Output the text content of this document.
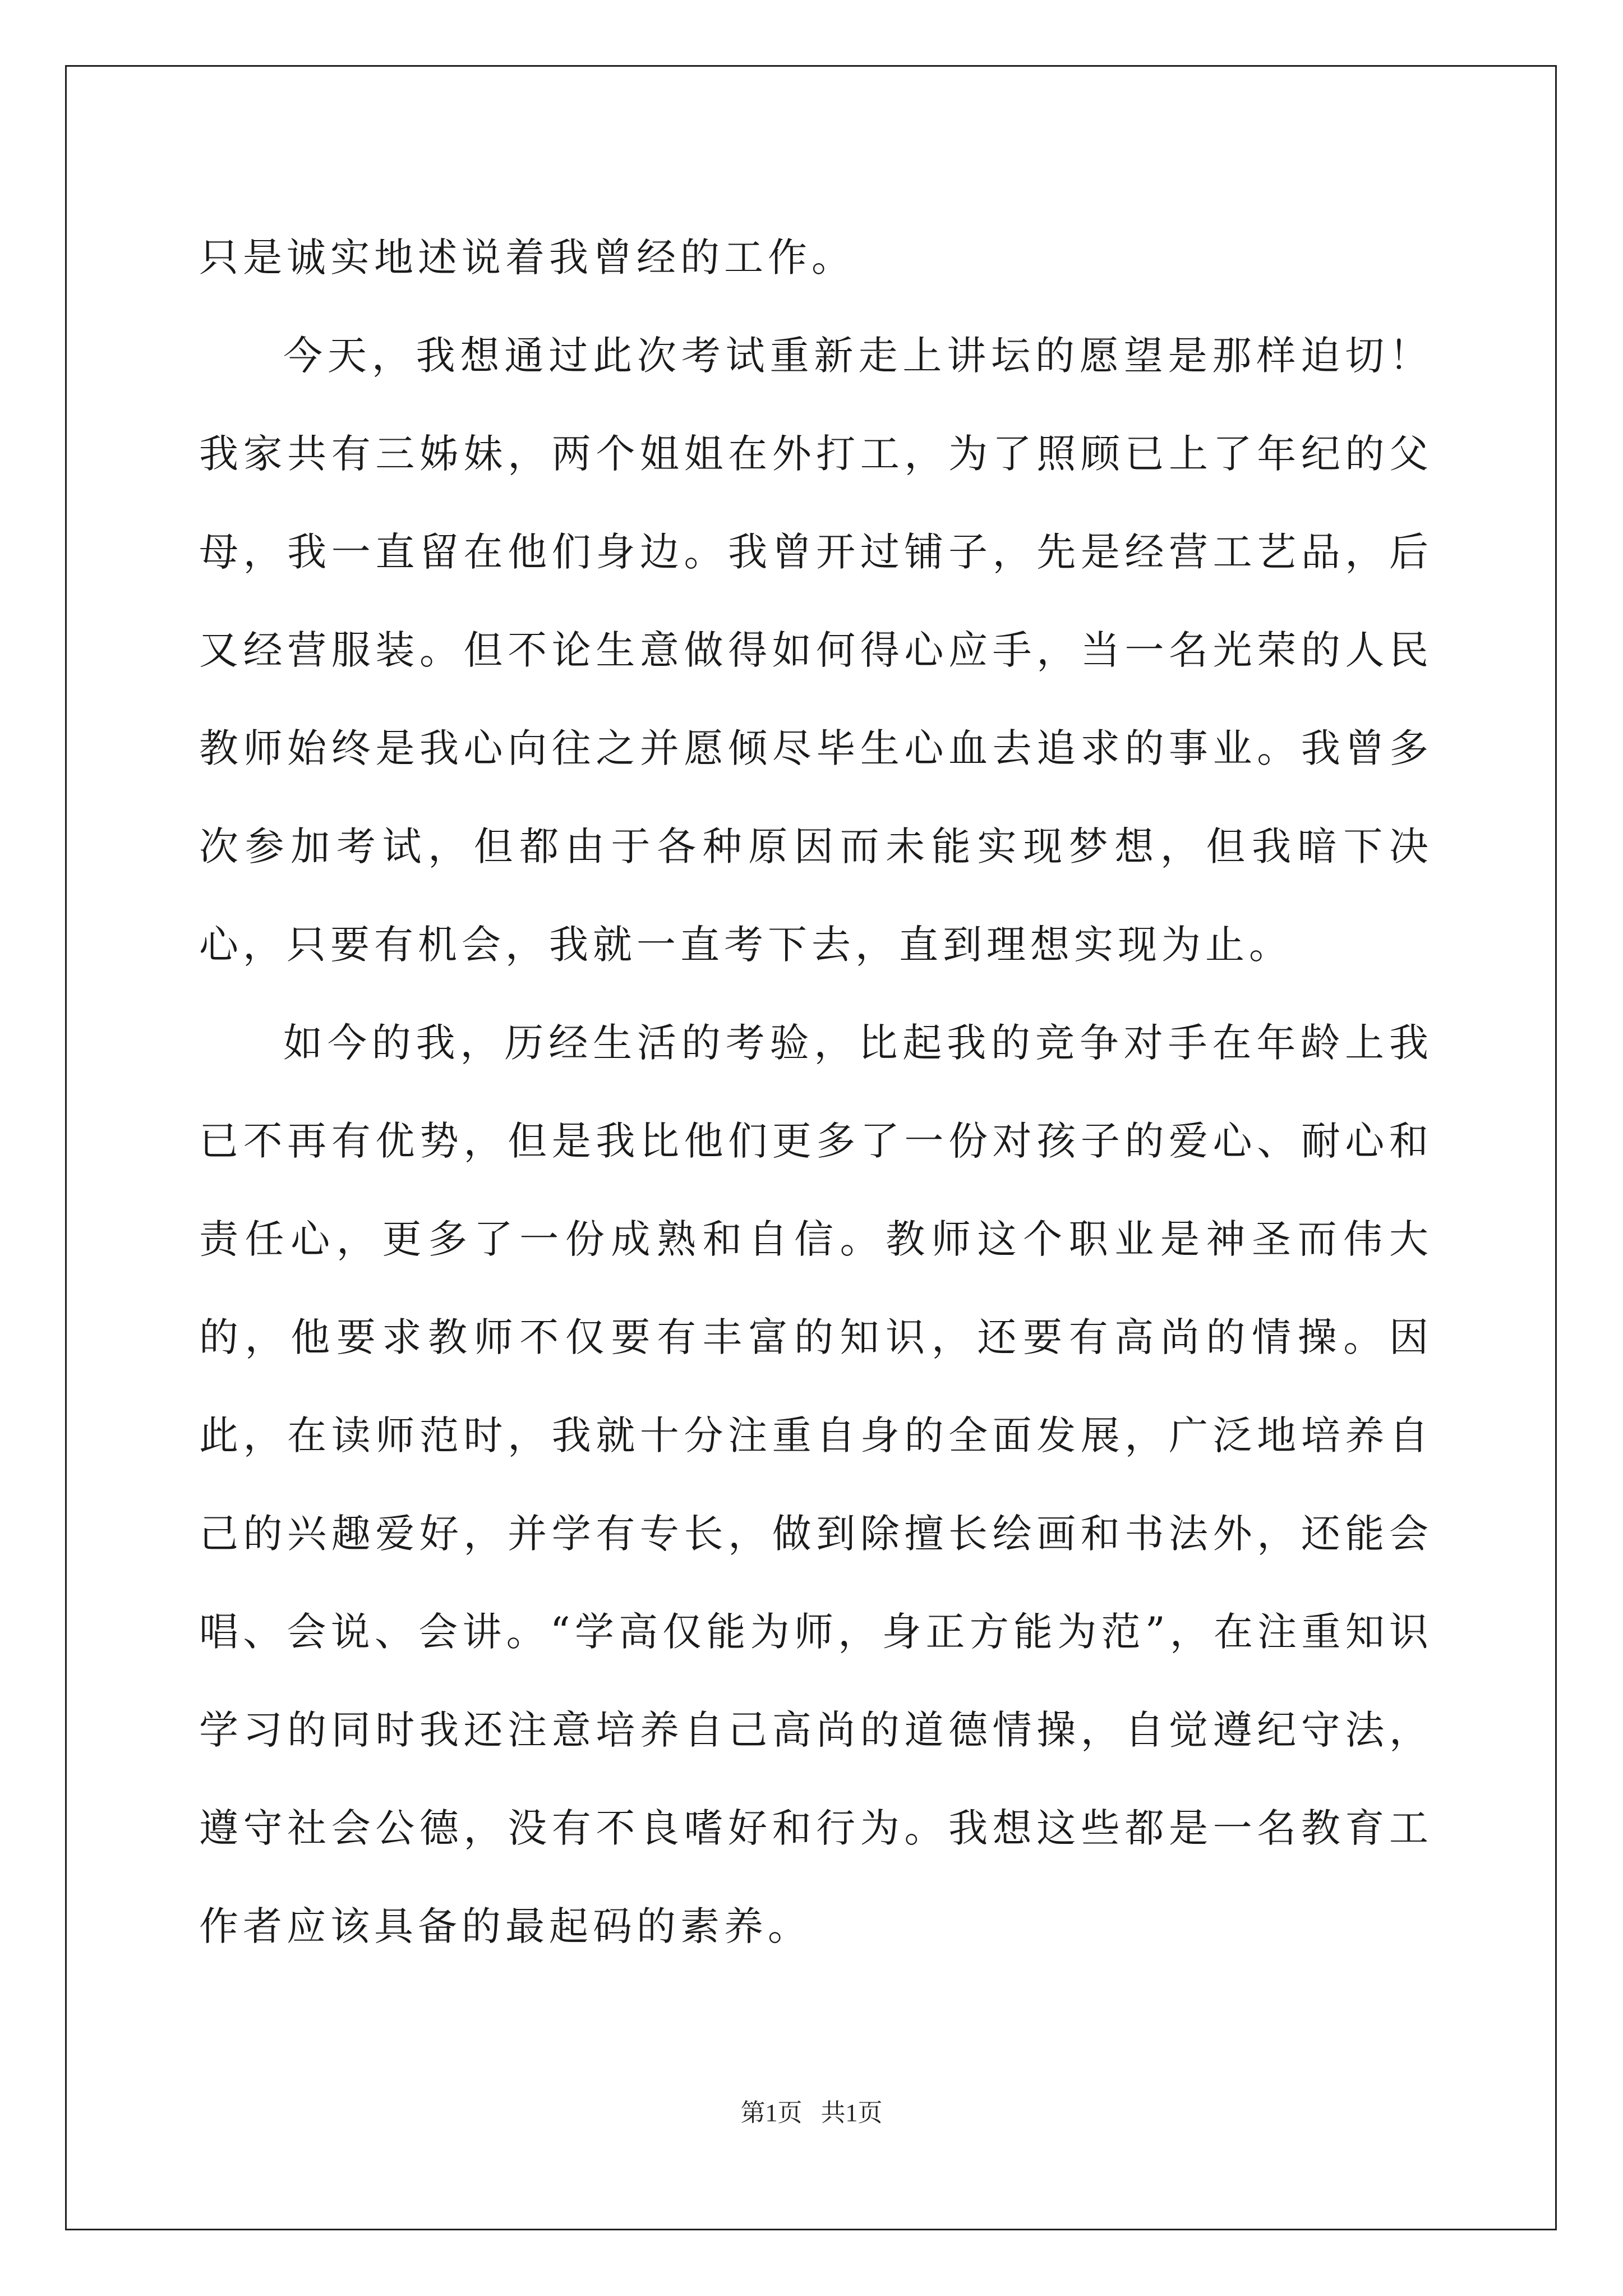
只是诚实地述说着我曾经的工作。

今天，我想通过此次考试重新走上讲坛的愿望是那样迫切！我家共有三姊妹，两个姐姐在外打工，为了照顾已上了年纪的父母，我一直留在他们身边。我曾开过铺子，先是经营工艺品，后又经营服装。但不论生意做得如何得心应手，当一名光荣的人民教师始终是我心向往之并愿倾尽毕生心血去追求的事业。我曾多次参加考试，但都由于各种原因而未能实现梦想，但我暗下决心，只要有机会，我就一直考下去，直到理想实现为止。

如今的我，历经生活的考验，比起我的竞争对手在年龄上我已不再有优势，但是我比他们更多了一份对孩子的爱心、耐心和责任心，更多了一份成熟和自信。教师这个职业是神圣而伟大的，他要求教师不仅要有丰富的知识，还要有高尚的情操。因此，在读师范时，我就十分注重自身的全面发展，广泛地培养自己的兴趣爱好，并学有专长，做到除擅长绘画和书法外，还能会唱、会说、会讲。“学高仅能为师，身正方能为范”，在注重知识学习的同时我还注意培养自己高尚的道德情操，自觉遵纪守法，遵守社会公德，没有不良嗜好和行为。我想这些都是一名教育工作者应该具备的最起码的素养。

第1页   共1页
